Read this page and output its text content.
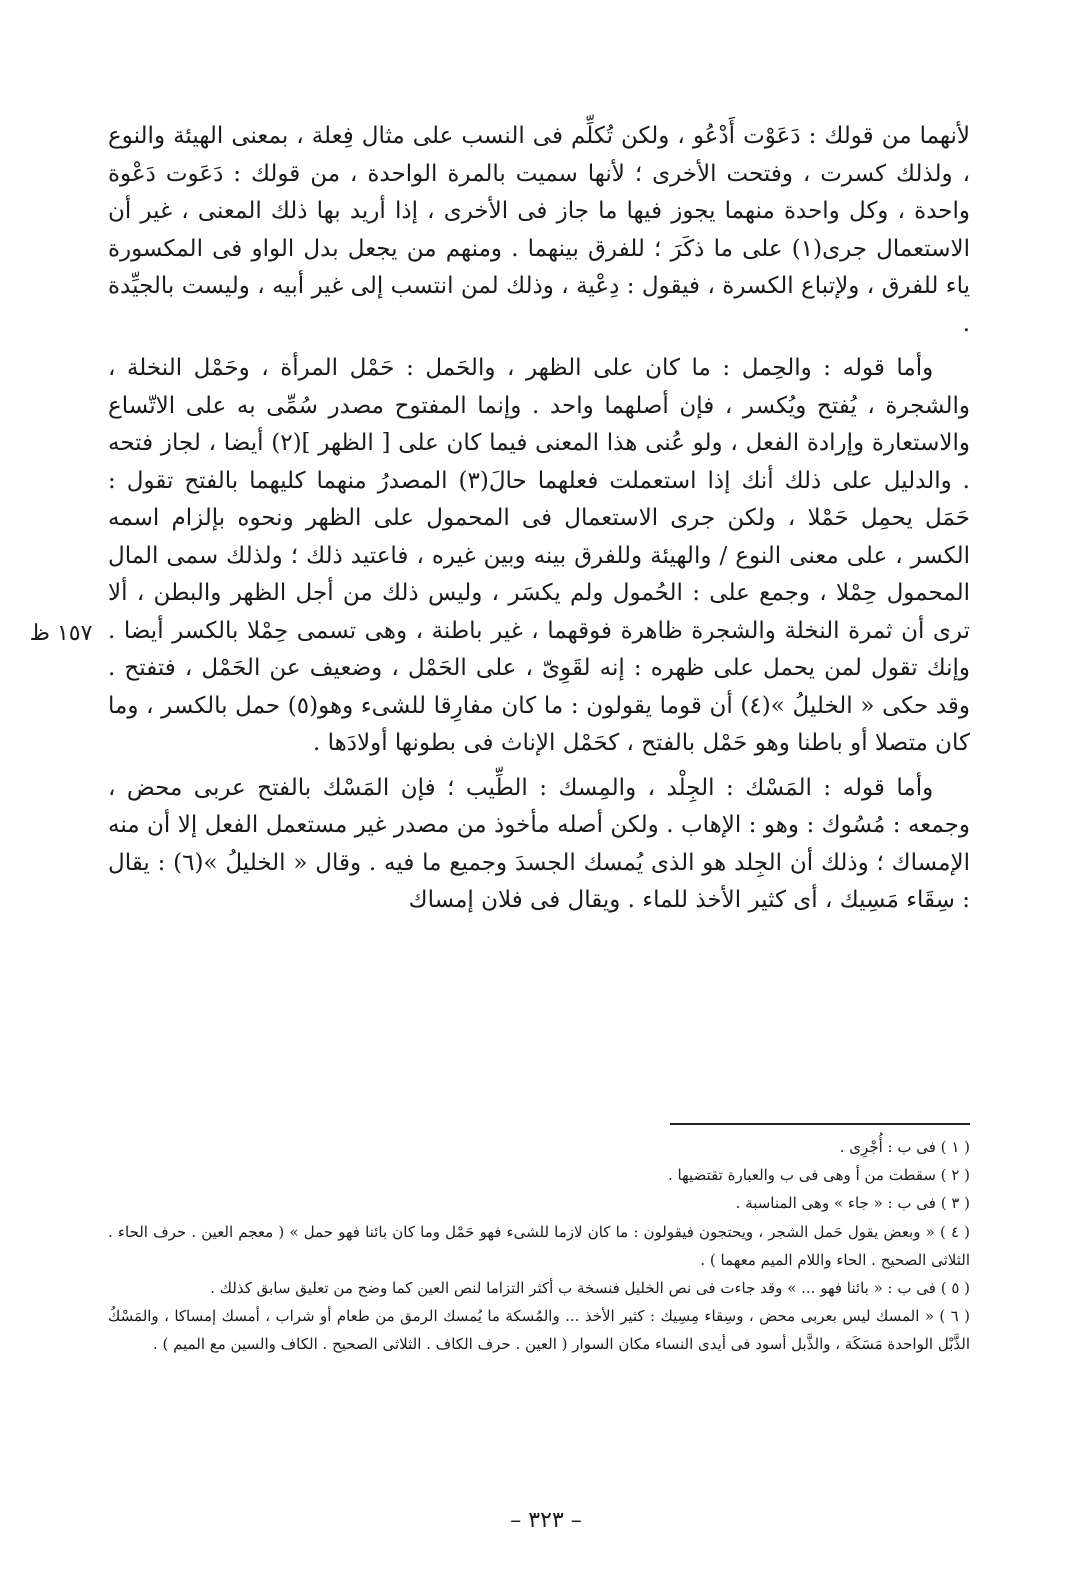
لأنهما من قولك : دَعَوْت أَدْعُو ، ولكن تُكلِّم فى النسب على مثال فِعلة ، بمعنى الهيئة والنوع ، ولذلك كسرت ، وفتحت الأخرى ؛ لأنها سميت بالمرة الواحدة ، من قولك : دَعَوت دَعْوة واحدة ، وكل واحدة منهما يجوز فيها ما جاز فى الأخرى ، إذا أريد بها ذلك المعنى ، غير أن الاستعمال جرى(١) على ما ذكَرَ ؛ للفرق بينهما . ومنهم من يجعل بدل الواو فى المكسورة ياء للفرق ، ولإتباع الكسرة ، فيقول : دِعْية ، وذلك لمن انتسب إلى غير أبيه ، وليست بالجيِّدة .

وأما قوله : والحِمل : ما كان على الظهر ، والحَمل : حَمْل المرأة ، وحَمْل النخلة ، والشجرة ، يُفتح ويُكسر ، فإن أصلهما واحد . وإنما المفتوح مصدر سُمِّى به على الاتّساع والاستعارة وإرادة الفعل ، ولو عُنى هذا المعنى فيما كان على [ الظهر ](٢) أيضا ، لجاز فتحه . والدليل على ذلك أنك إذا استعملت فعلهما حالَ(٣) المصدرُ منهما كليهما بالفتح تقول : حَمَل يحمِل حَمْلا ، ولكن جرى الاستعمال فى المحمول على الظهر ونحوه بإلزام اسمه الكسر ، على معنى النوع / والهيئة وللفرق بينه وبين غيره ، فاعتيد ذلك ؛ ولذلك سمى المال المحمول حِمْلا ، وجمع على : الحُمول ولم يكسَر ، وليس ذلك من أجل الظهر والبطن ، ألا ترى أن ثمرة النخلة والشجرة ظاهرة فوقهما ، غير باطنة ، وهى تسمى حِمْلا بالكسر أيضا . وإنك تقول لمن يحمل على ظهره : إنه لقَوِىّ ، على الحَمْل ، وضعيف عن الحَمْل ، فتفتح . وقد حكى « الخليلُ »(٤) أن قوما يقولون : ما كان مفارِقا للشىء وهو(٥) حمل بالكسر ، وما كان متصلا أو باطنا وهو حَمْل بالفتح ، كحَمْل الإناث فى بطونها أولادَها .

وأما قوله : المَسْك : الجِلْد ، والمِسك : الطِّيب ؛ فإن المَسْك بالفتح عربى محض ، وجمعه : مُسُوك : وهو : الإهاب . ولكن أصله مأخوذ من مصدر غير مستعمل الفعل إلا أن منه الإمساك ؛ وذلك أن الجِلد هو الذى يُمسك الجسدَ وجميع ما فيه . وقال « الخليلُ »(٦) : يقال : سِقَاء مَسِيك ، أى كثير الأخذ للماء . ويقال فى فلان إمساك

١٥٧ ظ

( ١ ) فى ب : أُجْرِى .

( ٢ ) سقطت من أ وهى فى ب والعبارة تقتضيها .

( ٣ ) فى ب : « جاء » وهى المناسبة .

( ٤ ) « وبعض يقول حَمل الشجر ، ويحتجون فيقولون : ما كان لازما للشىء فهو حَمْل وما كان بائنا فهو حمل » ( معجم العين . حرف الحاء . الثلاثى الصحيح . الحاء واللام الميم معهما ) .

( ٥ ) فى ب : « بائنا فهو ... » وقد جاءت فى نص الخليل فنسخة ب أكثر التزاما لنص العين كما وضح من تعليق سابق كذلك .

( ٦ ) « المسك ليس بعربى محض ، وسِقاء مِسِيك : كثير الأخذ ... والمُسكة ما يُمسك الرمق من طعام أو شراب ، أمسك إمساكا ، والمَسْكُ الذَّبْل الواحدة مَسَكَة ، والذَّبل أسود فى أيدى النساء مكان السوار ( العين . حرف الكاف . الثلاثى الصحيح . الكاف والسين مع الميم ) .

– ٣٢٣ –
